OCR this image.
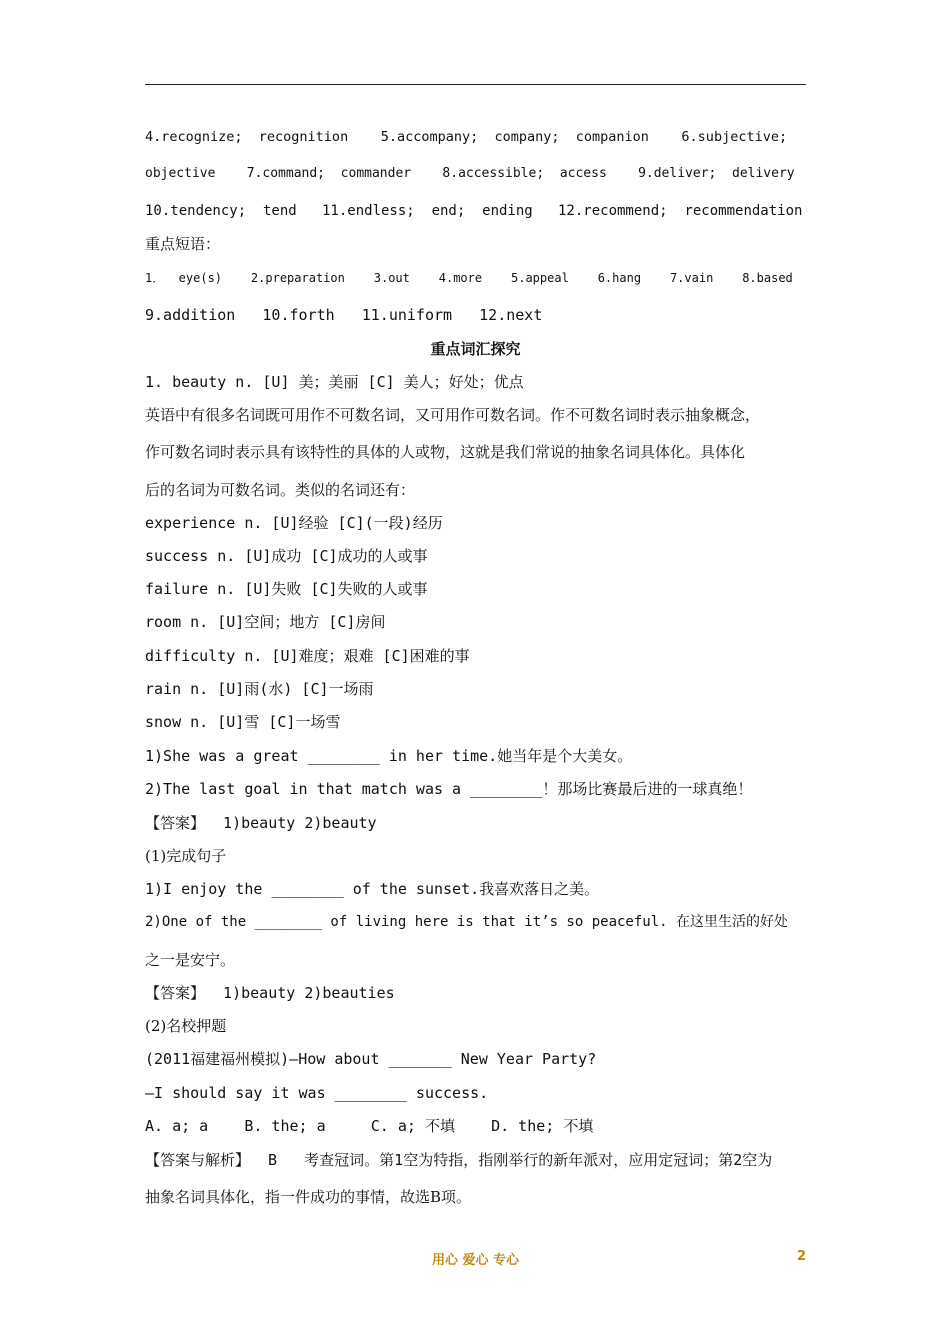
4.recognize;  recognition    5.accompany;  company;  companion    6.subjective;
objective    7.command;  commander    8.accessible;  access    9.deliver;  delivery
10.tendency;  tend   11.endless;  end;  ending   12.recommend;  recommendation
重点短语：
1．  eye(s)    2.preparation    3.out    4.more    5.appeal    6.hang    7.vain    8.based
9.addition   10.forth   11.uniform   12.next
重点词汇探究
1. beauty n. [U] 美；美丽 [C] 美人；好处；优点
英语中有很多名词既可用作不可数名词，又可用作可数名词。作不可数名词时表示抽象概念，
作可数名词时表示具有该特性的具体的人或物，这就是我们常说的抽象名词具体化。具体化
后的名词为可数名词。类似的名词还有：
experience n. [U]经验 [C](一段)经历
success n. [U]成功 [C]成功的人或事
failure n. [U]失败 [C]失败的人或事
room n. [U]空间；地方 [C]房间
difficulty n. [U]难度；艰难 [C]困难的事
rain n. [U]雨(水) [C]一场雨
snow n. [U]雪 [C]一场雪
1)She was a great ________ in her time.她当年是个大美女。
2)The last goal in that match was a ________！那场比赛最后进的一球真绝！
【答案】  1)beauty 2)beauty
(1)完成句子
1)I enjoy the ________ of the sunset.我喜欢落日之美。
2)One of the ________ of living here is that it’s so peaceful. 在这里生活的好处
之一是安宁。
【答案】  1)beauty 2)beauties
(2)名校押题
(2011福建福州模拟)—How about _______ New Year Party?
—I should say it was ________ success.
A. a; a    B. the; a     C. a; 不填    D. the; 不填
【答案与解析】  B   考查冠词。第1空为特指，指刚举行的新年派对，应用定冠词；第2空为
抽象名词具体化，指一件成功的事情，故选B项。
用心 爱心 专心	2
